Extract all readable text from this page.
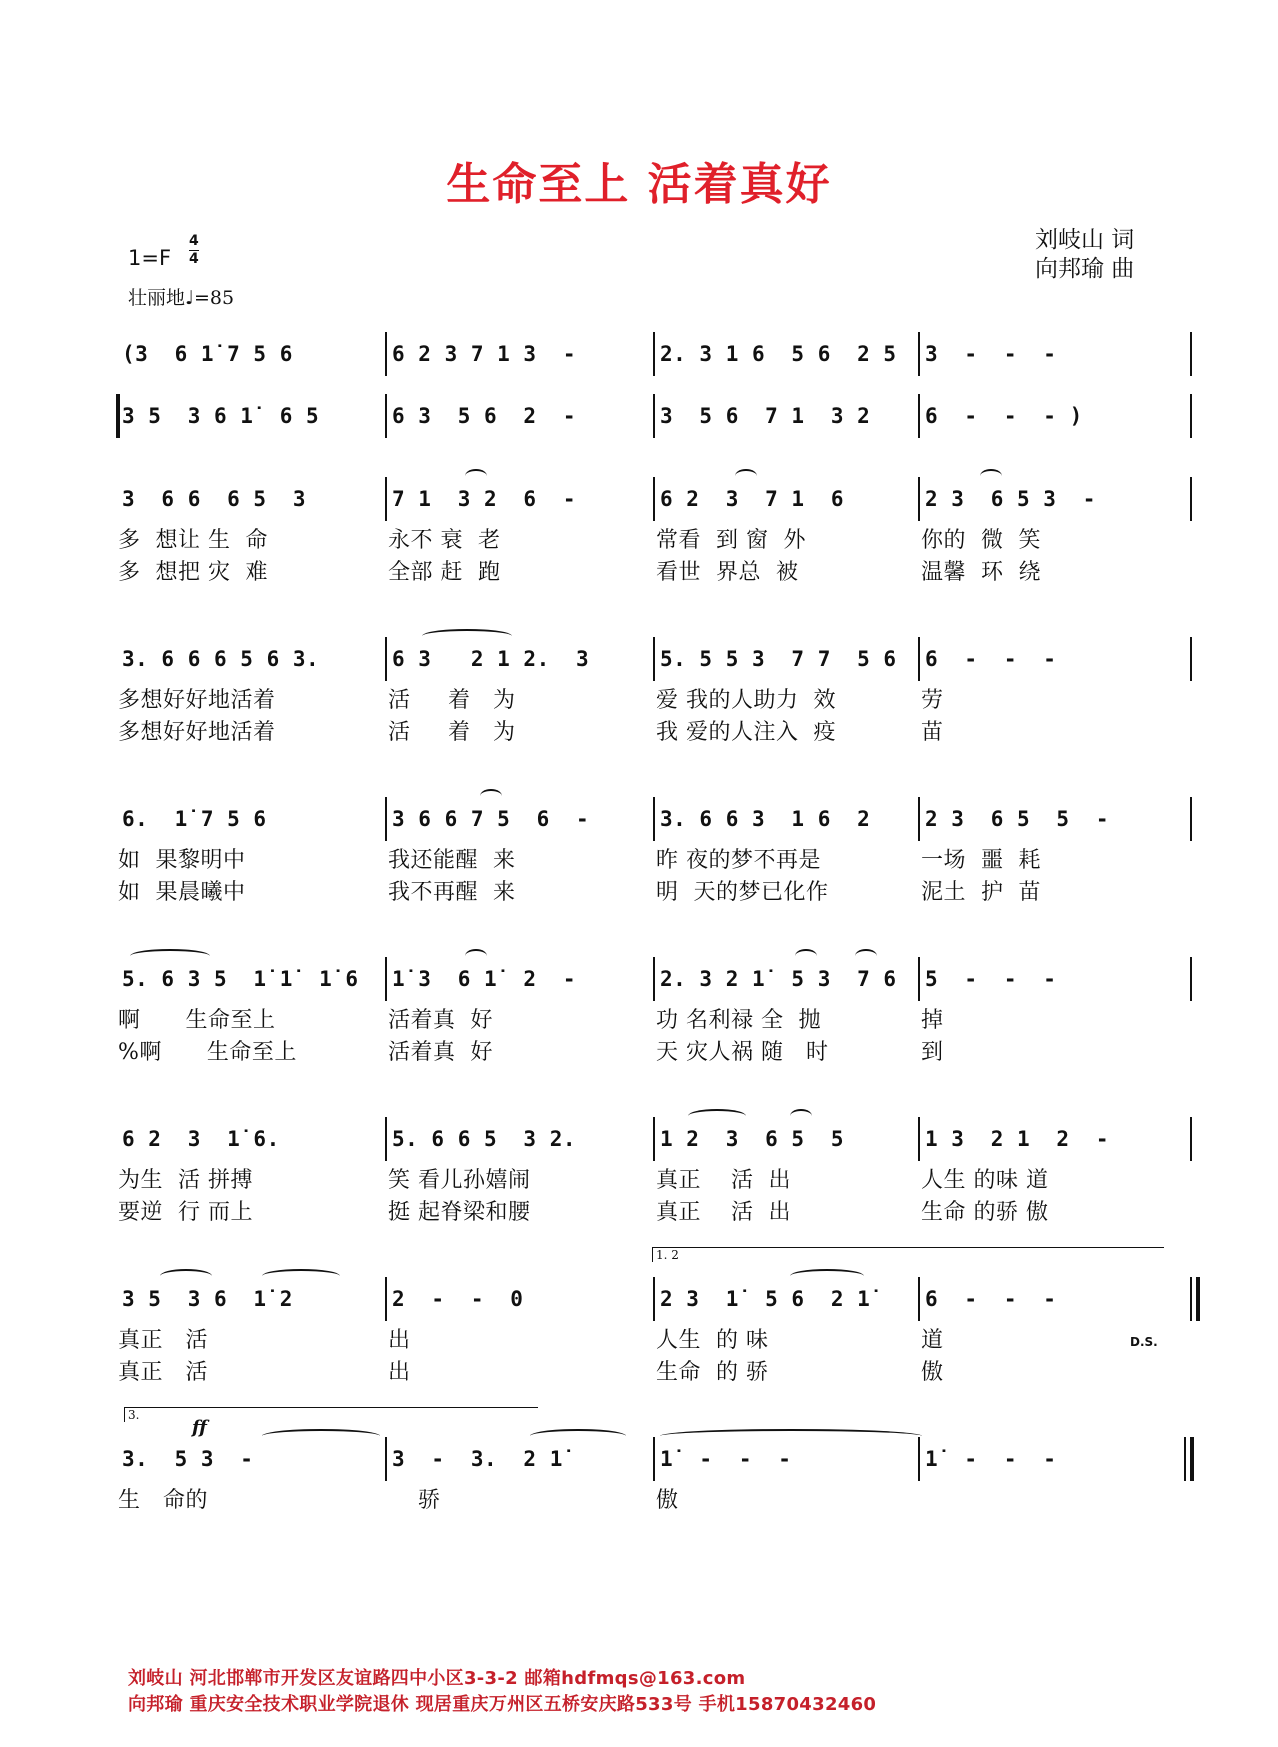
生命至上 活着真好
刘岐山 词
向邦瑜 曲
1=F
4
4
壮丽地♩=85
(3  6 1̇ 7 5 6	6 2 3 7 1 3  -	2. 3 1 6  5 6  2 5 3  -  -  -
3 5  3 6 1̇  6 5	6 3  5 6  2  -	3  5 6  7 1  3 2	6  -  -  - )
3  6 6  6 5  3	7 1  3 2  6  -	6 2  3  7 1  6	2 3  6 5 3  -
多  想让 生  命	永不 衰  老	常看  到 窗  外	你的  微  笑
多  想把 灾  难	全部 赶  跑	看世  界总  被	温馨  环  绕
3. 6 6 6 5 6 3.	6 3   2 1 2.  3	5. 5 5 3  7 7  5 6 6  -  -  -
多想好好地活着	活     着   为	爱 我的人助力  效	劳
多想好好地活着	活     着   为	我 爱的人注入  疫	苗
6.  1̇ 7 5 6	3 6 6 7 5  6  -	3. 6 6 3  1 6  2	2 3  6 5  5  -
如  果黎明中	我还能醒  来	昨 夜的梦不再是	一场  噩  耗
如  果晨曦中	我不再醒  来	明  天的梦已化作	泥土  护  苗
5. 6 3 5  1̇ 1̇  1̇ 6 1̇ 3  6 1̇  2  -	2. 3 2 1̇  5 3  7 6 5  -  -  -
啊      生命至上	活着真  好	功 名利禄 全  抛	掉
%啊      生命至上	活着真  好	天 灾人祸 随   时	到
6 2  3  1̇ 6.	5. 6 6 5  3 2.	1 2  3  6 5  5	1 3  2 1  2  -
为生  活 拼搏	笑 看儿孙嬉闹	真正    活  出	人生 的味 道
要逆  行 而上	挺 起脊梁和腰	真正    活  出	生命 的骄 傲
3 5  3 6  1̇ 2	2  -  -  0	2 3  1̇  5 6  2 1̇	6  -  -  -
真正   活	出	人生  的 味	道
真正   活	出	生命  的 骄	傲
1. 2
D.S.
3.  5 3  -	3  -  3.  2 1̇	1̇  -  -  -	1̇  -  -  -
生   命的	骄	傲
3.
ff
刘岐山 河北邯郸市开发区友谊路四中小区3-3-2 邮箱hdfmqs@163.com
向邦瑜 重庆安全技术职业学院退休 现居重庆万州区五桥安庆路533号 手机15870432460
